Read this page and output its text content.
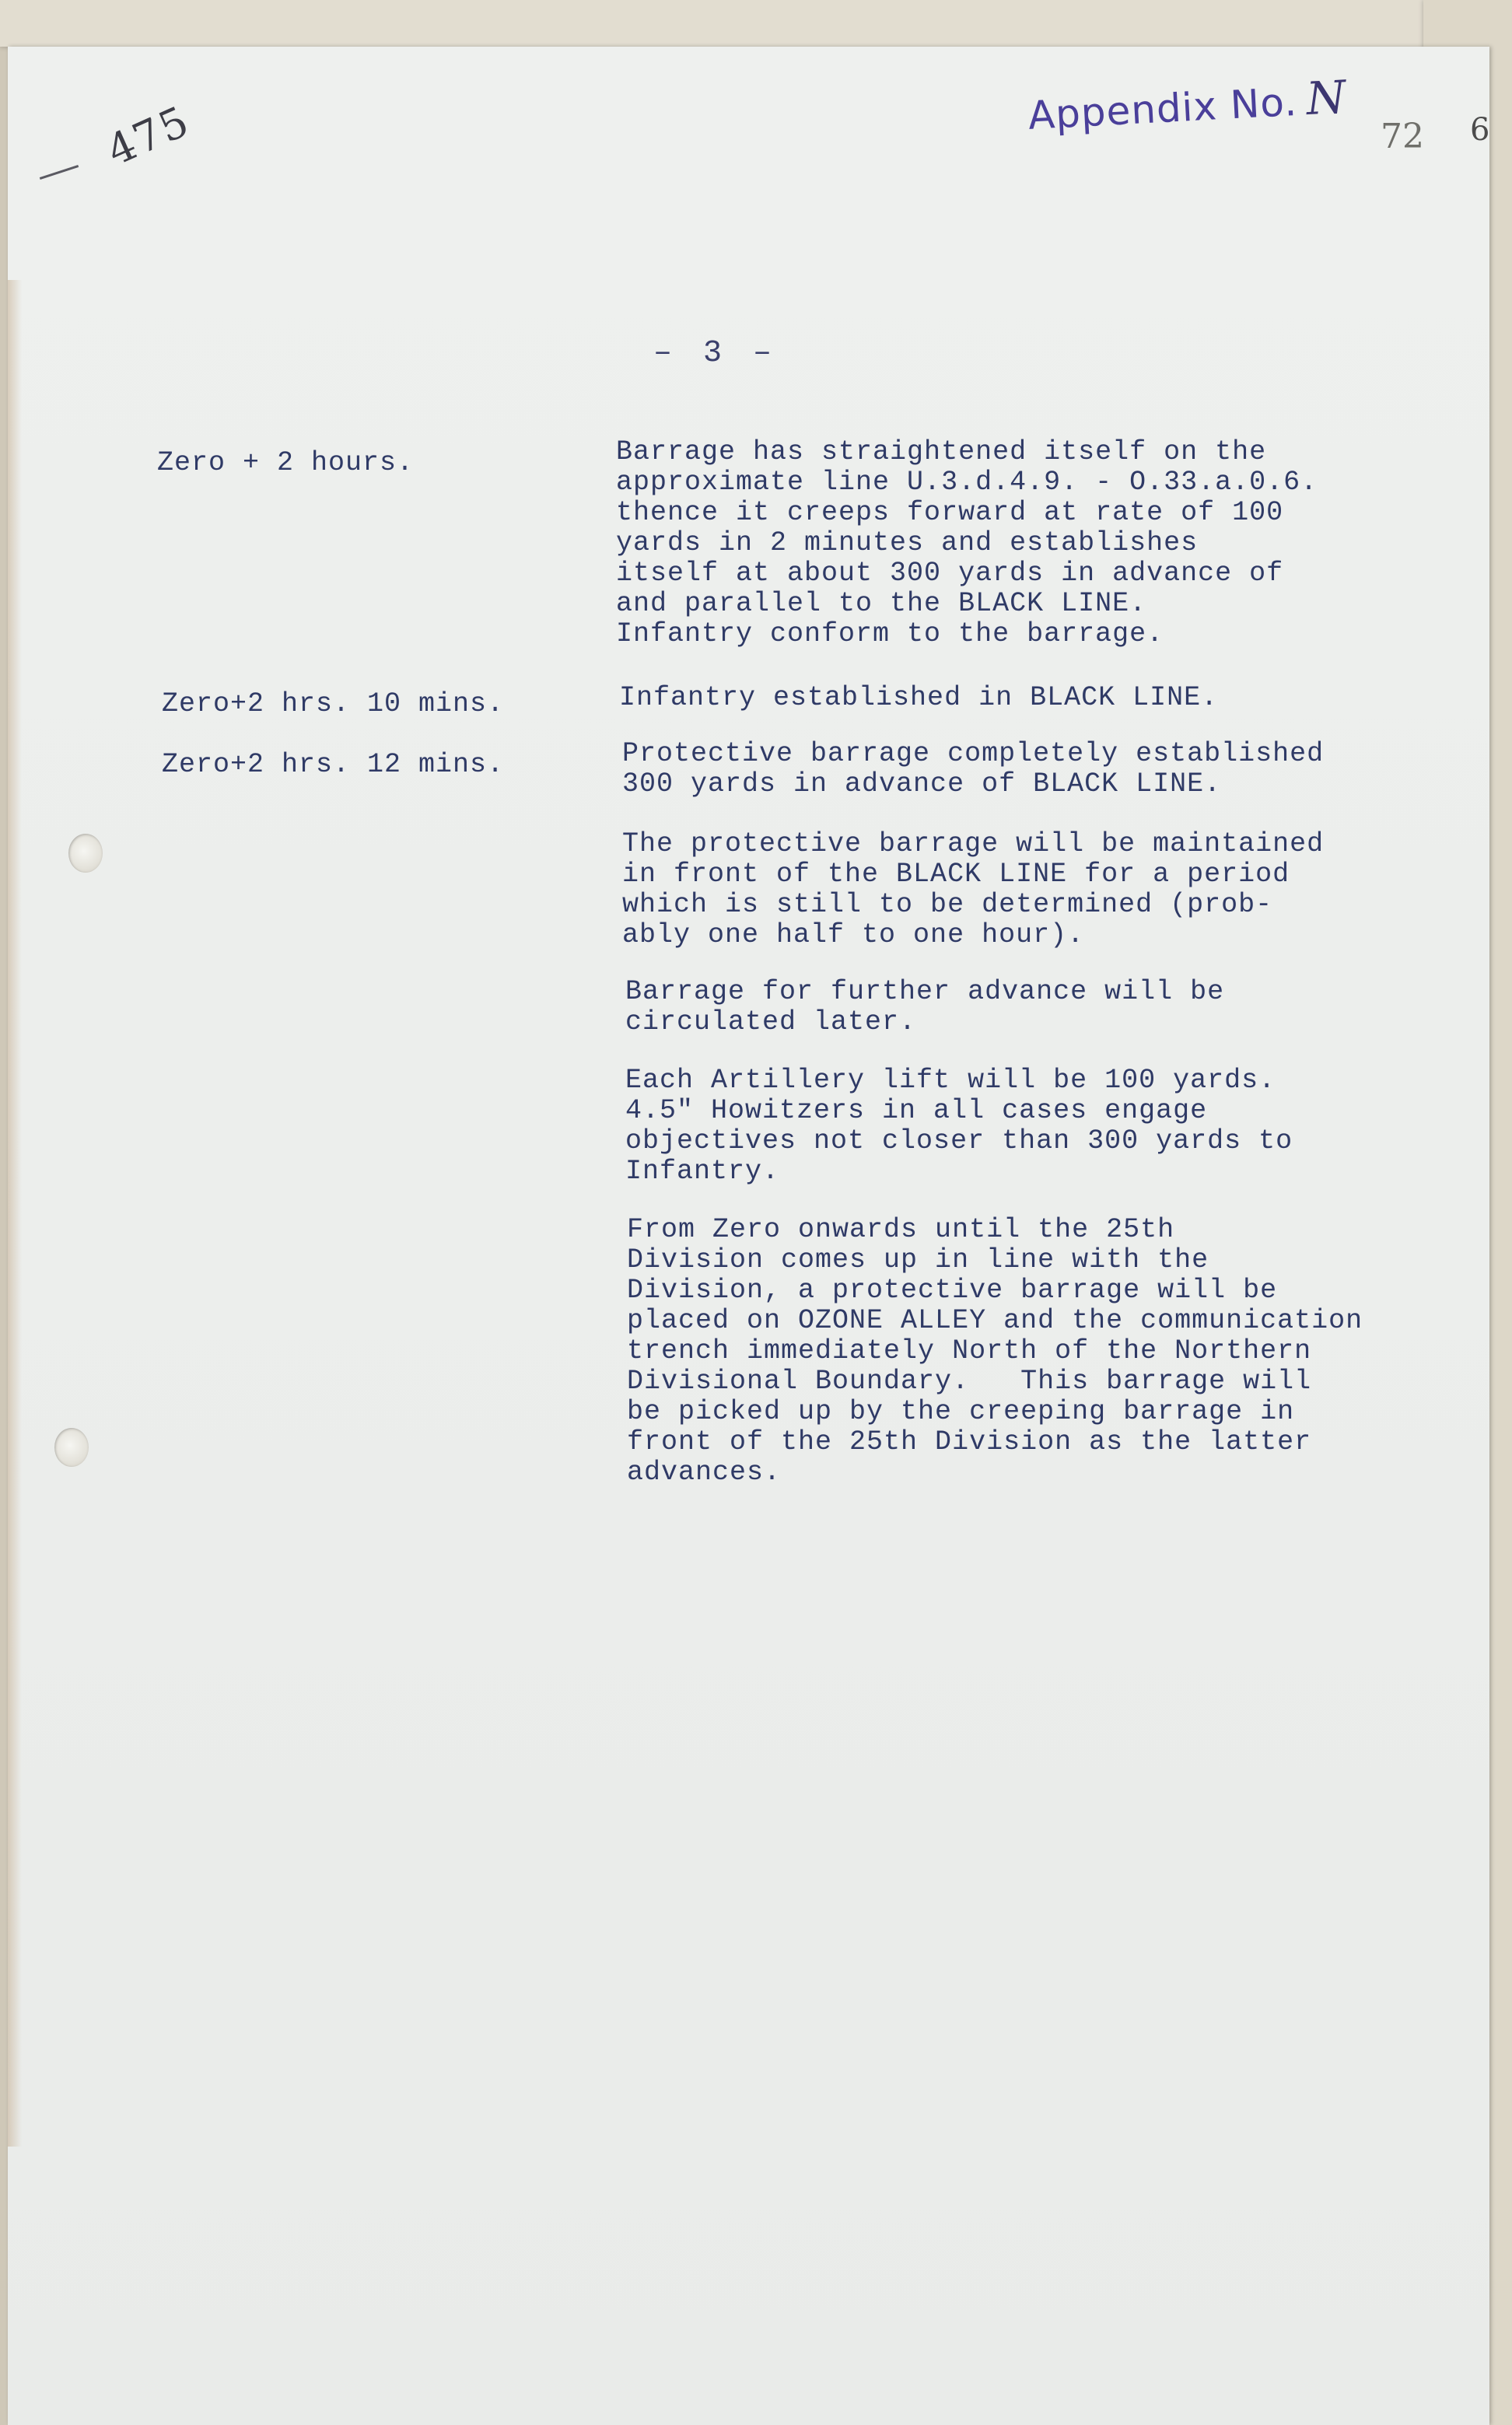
475	Appendix No. N
72 6
– 3 –
Zero + 2 hours.	Barrage has straightened itself on the
approximate line U.3.d.4.9. - O.33.a.0.6.
thence it creeps forward at rate of 100
yards in 2 minutes and establishes
itself at about 300 yards in advance of
and parallel to the BLACK LINE.
Infantry conform to the barrage.
Zero+2 hrs. 10 mins.	Infantry established in BLACK LINE.
Zero+2 hrs. 12 mins.	Protective barrage completely established
300 yards in advance of BLACK LINE.
The protective barrage will be maintained
in front of the BLACK LINE for a period
which is still to be determined (prob-
ably one half to one hour).
Barrage for further advance will be
circulated later.
Each Artillery lift will be 100 yards.
4.5" Howitzers in all cases engage
objectives not closer than 300 yards to
Infantry.
From Zero onwards until the 25th
Division comes up in line with the
Division, a protective barrage will be
placed on OZONE ALLEY and the communication
trench immediately North of the Northern
Divisional Boundary.   This barrage will
be picked up by the creeping barrage in
front of the 25th Division as the latter
advances.
